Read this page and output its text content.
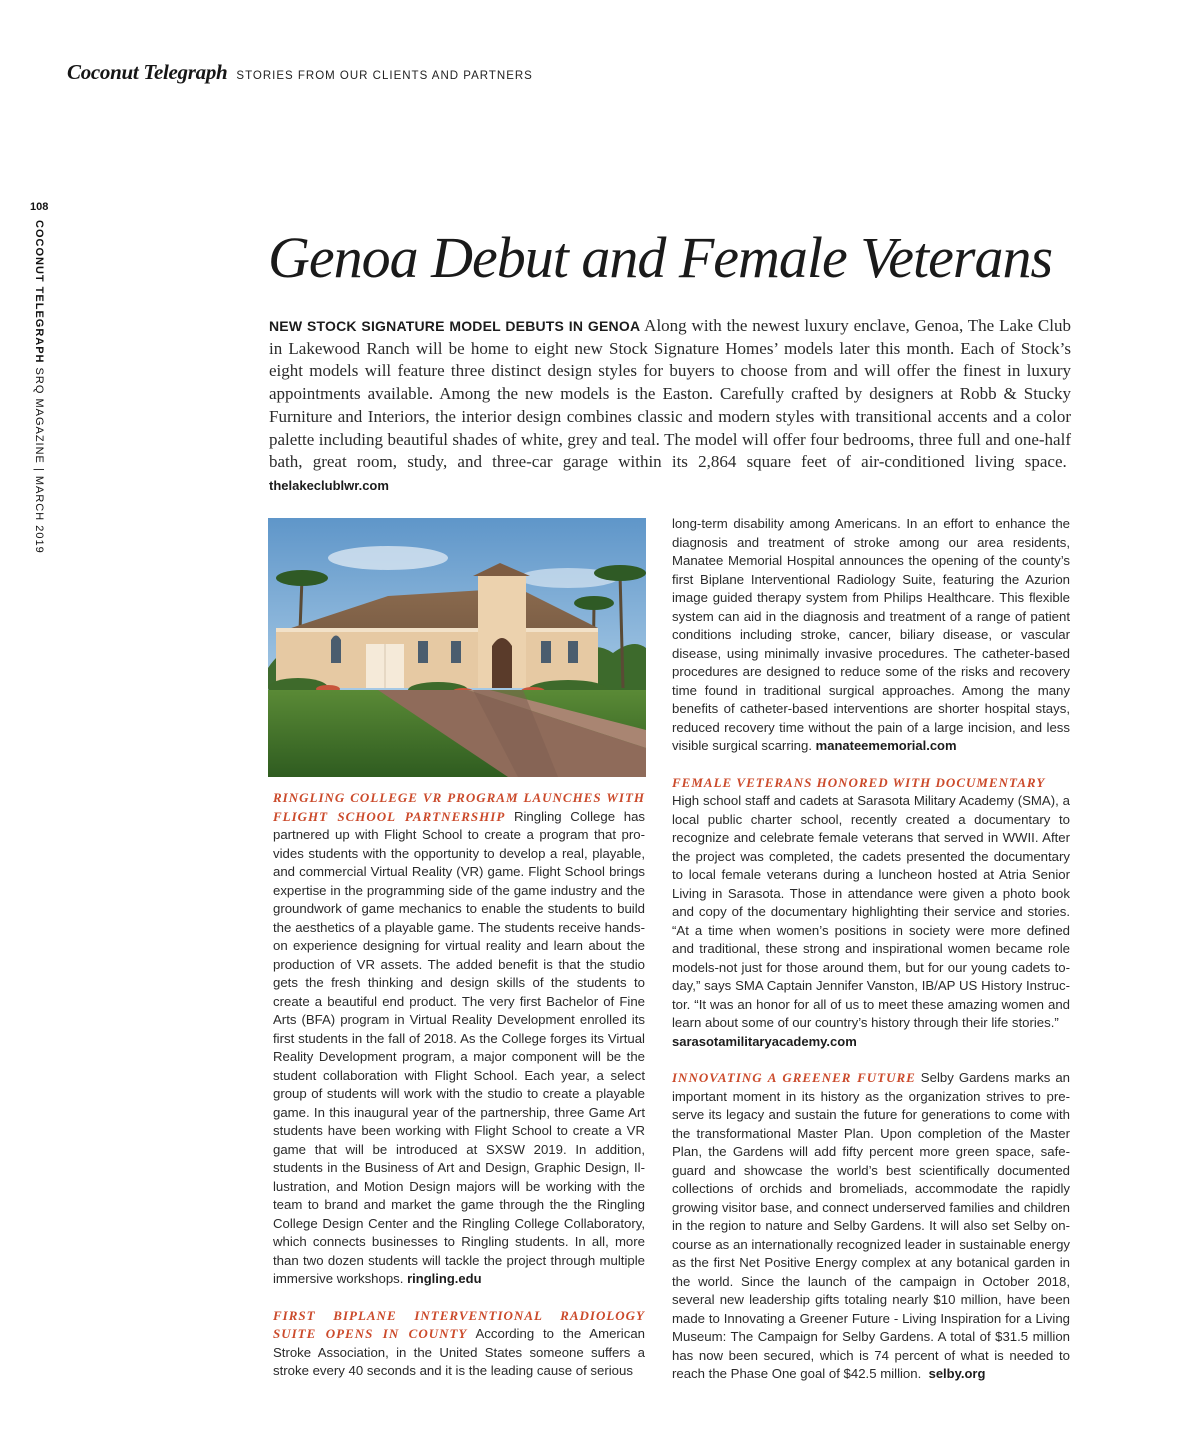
Coconut Telegraph STORIES FROM OUR CLIENTS AND PARTNERS
108
COCONUT TELEGRAPH SRQ MAGAZINE | MARCH 2019
Genoa Debut and Female Veterans
NEW STOCK SIGNATURE MODEL DEBUTS IN GENOA Along with the newest luxury enclave, Genoa, The Lake Club in Lakewood Ranch will be home to eight new Stock Signature Homes’ models later this month. Each of Stock’s eight models will feature three distinct design styles for buyers to choose from and will offer the finest in luxury appointments available. Among the new models is the Easton. Carefully crafted by designers at Robb & Stucky Furniture and Interiors, the interior design combines classic and modern styles with transitional accents and a color palette including beautiful shades of white, grey and teal. The model will offer four bedrooms, three full and one-half bath, great room, study, and three-car garage within its 2,864 square feet of air-conditioned living space.  thelakeclublwr.com

RINGLING COLLEGE VR PROGRAM LAUNCHES WITH FLIGHT SCHOOL PARTNERSHIP Ringling College has partnered up with Flight School to create a program that provides students with the opportunity to develop a real, playable, and commercial Virtual Reality (VR) game. Flight School brings expertise in the programming side of the game industry and the groundwork of game mechanics to enable the students to build the aesthetics of a playable game. The students receive hands-on experience designing for virtual reality and learn about the production of VR assets. The added benefit is that the studio gets the fresh thinking and design skills of the students to create a beautiful end product. The very first Bachelor of Fine Arts (BFA) program in Virtual Reality Development enrolled its first students in the fall of 2018. As the College forges its Virtual Reality Development program, a major component will be the student collaboration with Flight School. Each year, a select group of students will work with the studio to create a playable game. In this inaugural year of the partnership, three Game Art students have been working with Flight School to create a VR game that will be introduced at SXSW 2019. In addition, students in the Business of Art and Design, Graphic Design, Illustration, and Motion Design majors will be working with the team to brand and market the game through the the Ringling College Design Center and the Ringling College Collaboratory, which connects businesses to Ringling students. In all, more than two dozen students will tackle the project through multiple immersive workshops. ringling.edu

FIRST BIPLANE INTERVENTIONAL RADIOLOGY SUITE OPENS IN COUNTY According to the American Stroke Association, in the United States someone suffers a stroke every 40 seconds and it is the leading cause of serious

long-term disability among Americans. In an effort to enhance the diagnosis and treatment of stroke among our area residents, Manatee Memorial Hospital announces the opening of the county’s first Biplane Interventional Radiology Suite, featuring the Azurion image guided therapy system from Philips Healthcare. This flexible system can aid in the diagnosis and treatment of a range of patient conditions including stroke, cancer, biliary disease, or vascular disease, using minimally invasive procedures. The catheter-based procedures are designed to reduce some of the risks and recovery time found in traditional surgical approaches. Among the many benefits of catheter-based interventions are shorter hospital stays, reduced recovery time without the pain of a large incision, and less visible surgical scarring. manateememorial.com

FEMALE VETERANS HONORED WITH DOCUMENTARY
High school staff and cadets at Sarasota Military Academy (SMA), a local public charter school, recently created a documentary to recognize and celebrate female veterans that served in WWII. After the project was completed, the cadets presented the documentary to local female veterans during a luncheon hosted at Atria Senior Living in Sarasota. Those in attendance were given a photo book and copy of the documentary highlighting their service and stories. “At a time when women’s positions in society were more defined and traditional, these strong and inspirational women became role models-not just for those around them, but for our young cadets today,” says SMA Captain Jennifer Vanston, IB/AP US History Instructor. “It was an honor for all of us to meet these amazing women and learn about some of our country’s history through their life stories.”
sarasotamilitaryacademy.com

INNOVATING A GREENER FUTURE Selby Gardens marks an important moment in its history as the organization strives to preserve its legacy and sustain the future for generations to come with the transformational Master Plan. Upon completion of the Master Plan, the Gardens will add fifty percent more green space, safeguard and showcase the world’s best scientifically documented collections of orchids and bromeliads, accommodate the rapidly growing visitor base, and connect underserved families and children in the region to nature and Selby Gardens. It will also set Selby on-course as an internationally recognized leader in sustainable energy as the first Net Positive Energy complex at any botanical garden in the world. Since the launch of the campaign in October 2018, several new leadership gifts totaling nearly $10 million, have been made to Innovating a Greener Future - Living Inspiration for a Living Museum: The Campaign for Selby Gardens. A total of $31.5 million has now been secured, which is 74 percent of what is needed to reach the Phase One goal of $42.5 million. selby.org
